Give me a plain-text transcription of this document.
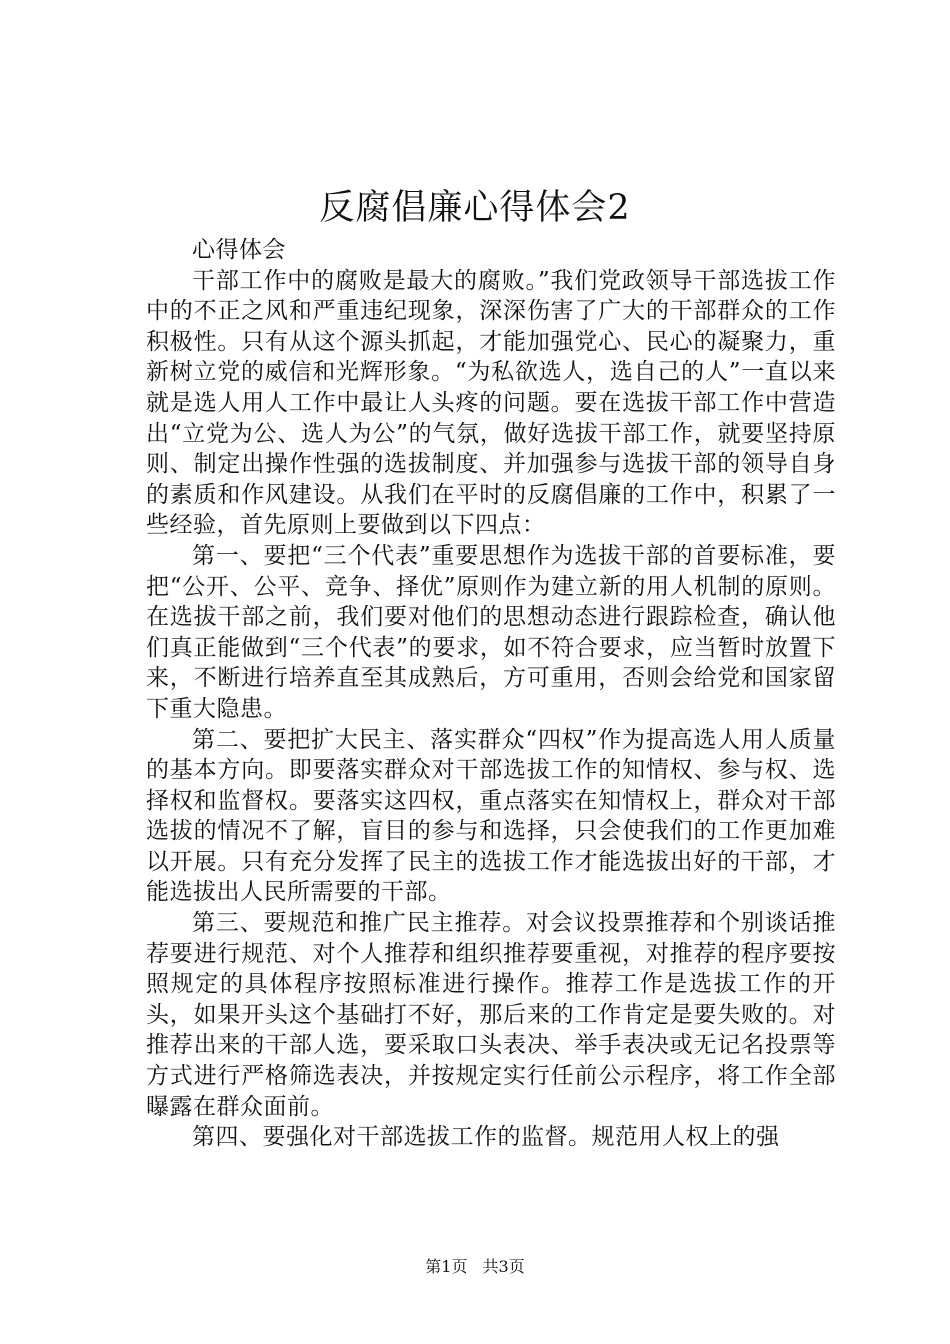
反腐倡廉心得体会2

心得体会

干部工作中的腐败是最大的腐败。”我们党政领导干部选拔工作中的不正之风和严重违纪现象，深深伤害了广大的干部群众的工作积极性。只有从这个源头抓起，才能加强党心、民心的凝聚力，重新树立党的威信和光辉形象。“为私欲选人，选自己的人”一直以来就是选人用人工作中最让人头疼的问题。要在选拔干部工作中营造出“立党为公、选人为公”的气氛，做好选拔干部工作，就要坚持原则、制定出操作性强的选拔制度、并加强参与选拔干部的领导自身的素质和作风建设。从我们在平时的反腐倡廉的工作中，积累了一些经验，首先原则上要做到以下四点：

第一、要把“三个代表”重要思想作为选拔干部的首要标准，要把“公开、公平、竞争、择优”原则作为建立新的用人机制的原则。在选拔干部之前，我们要对他们的思想动态进行跟踪检查，确认他们真正能做到“三个代表”的要求，如不符合要求，应当暂时放置下来，不断进行培养直至其成熟后，方可重用，否则会给党和国家留下重大隐患。

第二、要把扩大民主、落实群众“四权”作为提高选人用人质量的基本方向。即要落实群众对干部选拔工作的知情权、参与权、选择权和监督权。要落实这四权，重点落实在知情权上，群众对干部选拔的情况不了解，盲目的参与和选择，只会使我们的工作更加难以开展。只有充分发挥了民主的选拔工作才能选拔出好的干部，才能选拔出人民所需要的干部。

第三、要规范和推广民主推荐。对会议投票推荐和个别谈话推荐要进行规范、对个人推荐和组织推荐要重视，对推荐的程序要按照规定的具体程序按照标准进行操作。推荐工作是选拔工作的开头，如果开头这个基础打不好，那后来的工作肯定是要失败的。对推荐出来的干部人选，要采取口头表决、举手表决或无记名投票等方式进行严格筛选表决，并按规定实行任前公示程序，将工作全部曝露在群众面前。

第四、要强化对干部选拔工作的监督。规范用人权上的强

第1页 共3页
